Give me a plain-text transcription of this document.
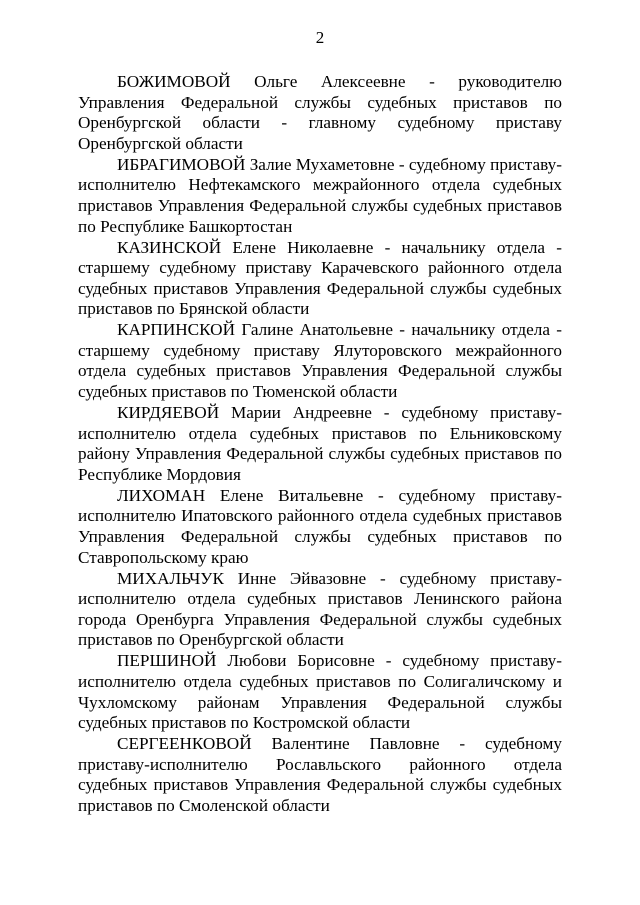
2

БОЖИМОВОЙ Ольге Алексеевне - руководителю Управления Федеральной службы судебных приставов по Оренбургской области - главному судебному приставу Оренбургской области

ИБРАГИМОВОЙ Залие Мухаметовне - судебному приставу-исполнителю Нефтекамского межрайонного отдела судебных приставов Управления Федеральной службы судебных приставов по Республике Башкортостан

КАЗИНСКОЙ Елене Николаевне - начальнику отдела - старшему судебному приставу Карачевского районного отдела судебных приставов Управления Федеральной службы судебных приставов по Брянской области

КАРПИНСКОЙ Галине Анатольевне - начальнику отдела - старшему судебному приставу Ялуторовского межрайонного отдела судебных приставов Управления Федеральной службы судебных приставов по Тюменской области

КИРДЯЕВОЙ Марии Андреевне - судебному приставу-исполнителю отдела судебных приставов по Ельниковскому району Управления Федеральной службы судебных приставов по Республике Мордовия

ЛИХОМАН Елене Витальевне - судебному приставу-исполнителю Ипатовского районного отдела судебных приставов Управления Федеральной службы судебных приставов по Ставропольскому краю

МИХАЛЬЧУК Инне Эйвазовне - судебному приставу-исполнителю отдела судебных приставов Ленинского района города Оренбурга Управления Федеральной службы судебных приставов по Оренбургской области

ПЕРШИНОЙ Любови Борисовне - судебному приставу-исполнителю отдела судебных приставов по Солигаличскому и Чухломскому районам Управления Федеральной службы судебных приставов по Костромской области

СЕРГЕЕНКОВОЙ Валентине Павловне - судебному приставу-исполнителю Рославльского районного отдела судебных приставов Управления Федеральной службы судебных приставов по Смоленской области
